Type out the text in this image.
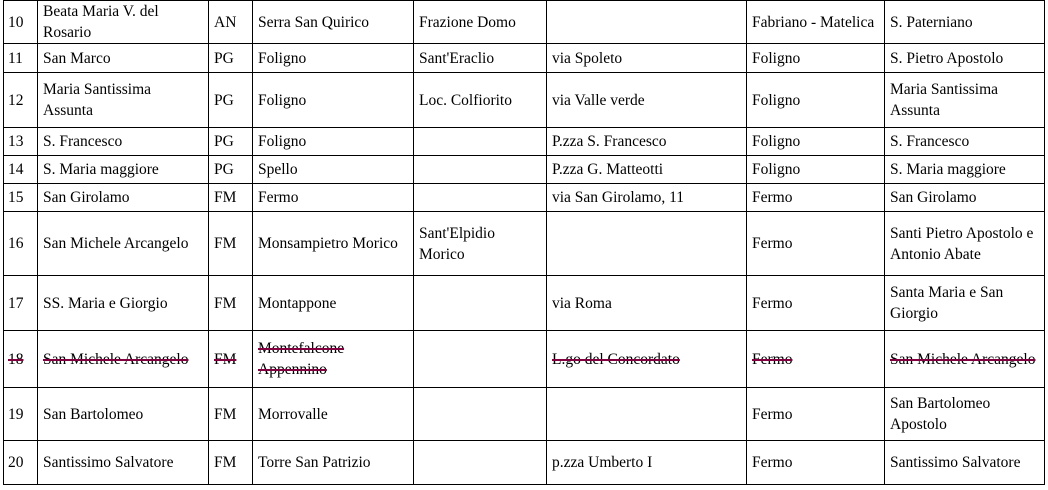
10	Beata Maria V. del Rosario	AN	Serra San Quirico	Frazione Domo		Fabriano - Matelica	S. Paterniano
11	San Marco	PG	Foligno	Sant'Eraclio	via Spoleto	Foligno	S. Pietro Apostolo
12	Maria Santissima Assunta	PG	Foligno	Loc. Colfiorito	via Valle verde	Foligno	Maria Santissima Assunta
13	S. Francesco	PG	Foligno		P.zza S. Francesco	Foligno	S. Francesco
14	S. Maria maggiore	PG	Spello		P.zza G. Matteotti	Foligno	S. Maria maggiore
15	San Girolamo	FM	Fermo		via San Girolamo, 11	Fermo	San Girolamo
16	San Michele Arcangelo	FM	Monsampietro Morico	Sant'Elpidio Morico		Fermo	Santi Pietro Apostolo e Antonio Abate
17	SS. Maria e Giorgio	FM	Montappone		via Roma	Fermo	Santa Maria e San Giorgio
18	San Michele Arcangelo	FM	Montefalcone Appennino		L.go del Concordato	Fermo	San Michele Arcangelo
19	San Bartolomeo	FM	Morrovalle			Fermo	San Bartolomeo Apostolo
20	Santissimo Salvatore	FM	Torre San Patrizio		p.zza Umberto I	Fermo	Santissimo Salvatore
